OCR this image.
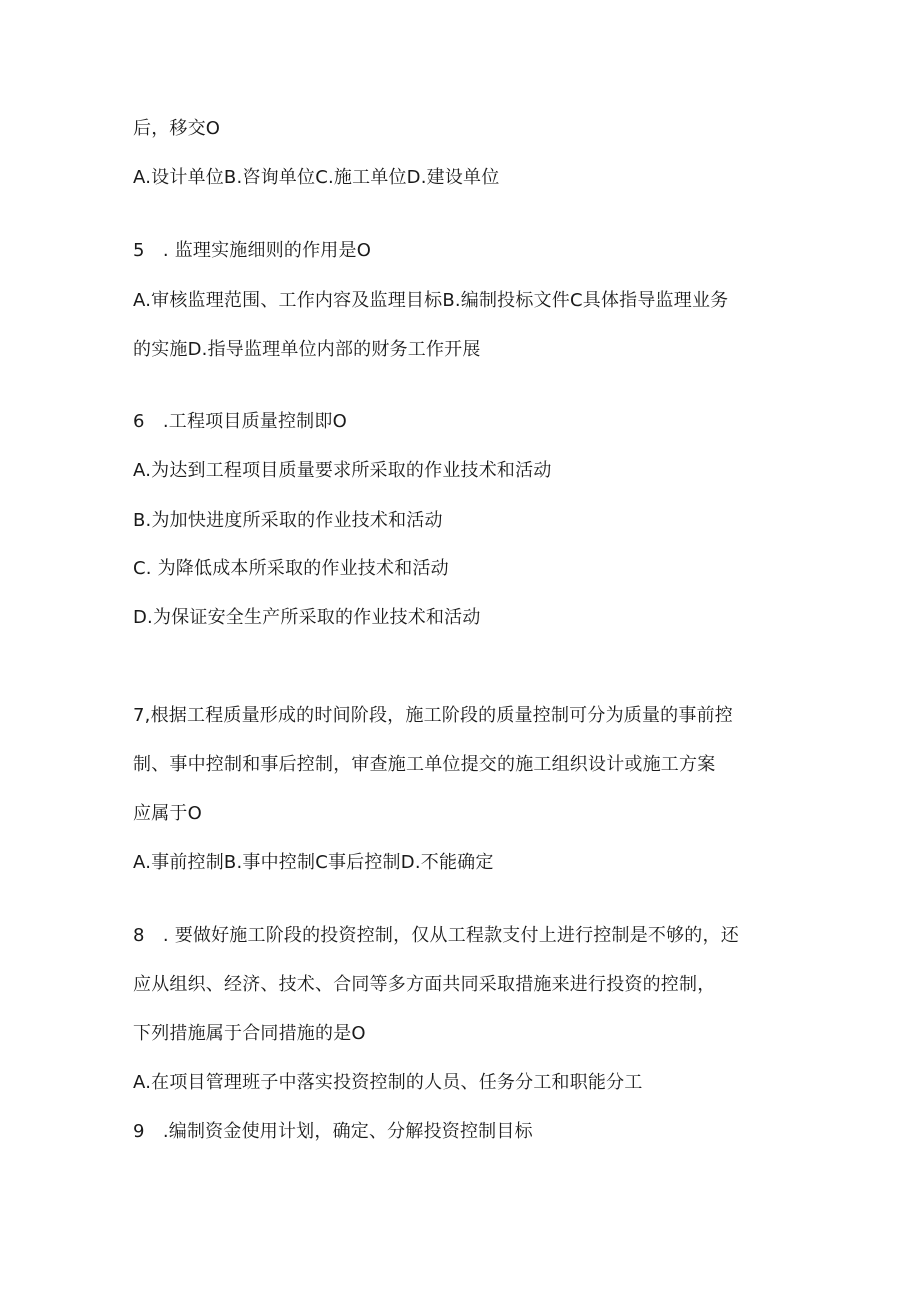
后，移交O
A.设计单位B.咨询单位C.施工单位D.建设单位
5　. 监理实施细则的作用是O
A.审核监理范围、工作内容及监理目标B.编制投标文件C具体指导监理业务
的实施D.指导监理单位内部的财务工作开展
6　.工程项目质量控制即O
A.为达到工程项目质量要求所采取的作业技术和活动
B.为加快进度所采取的作业技术和活动
C. 为降低成本所采取的作业技术和活动
D.为保证安全生产所采取的作业技术和活动
7,根据工程质量形成的时间阶段，施工阶段的质量控制可分为质量的事前控
制、事中控制和事后控制，审查施工单位提交的施工组织设计或施工方案
应属于O
A.事前控制B.事中控制C事后控制D.不能确定
8　. 要做好施工阶段的投资控制，仅从工程款支付上进行控制是不够的，还
应从组织、经济、技术、合同等多方面共同采取措施来进行投资的控制，
下列措施属于合同措施的是O
A.在项目管理班子中落实投资控制的人员、任务分工和职能分工
9　.编制资金使用计划，确定、分解投资控制目标
